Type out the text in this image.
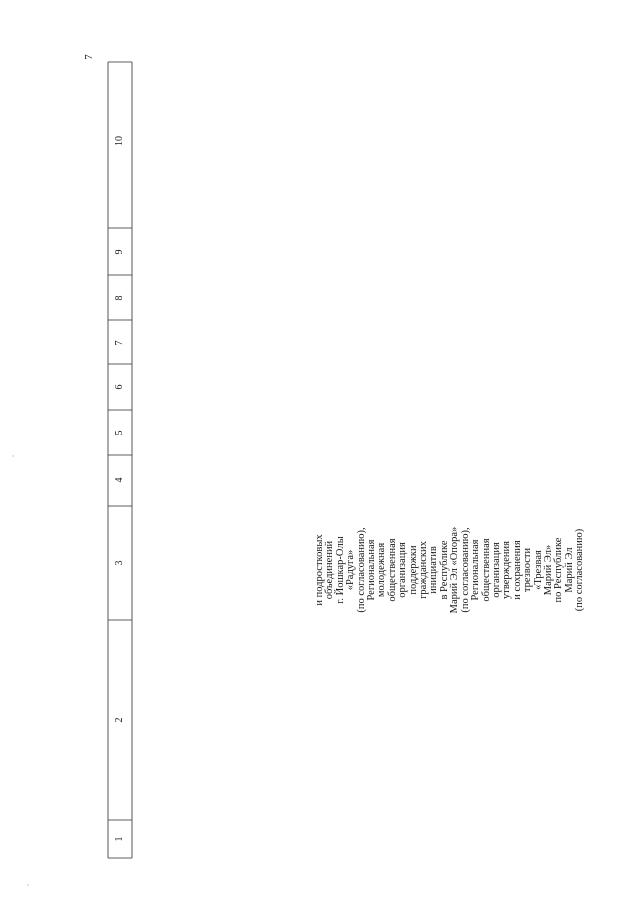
7
1
2
3
4
5
6
7
8
9
10
и подростковых объединений г. Йошкар-Олы «Радуга» (по согласованию), Региональная молодежная общественная организация поддержки гражданских инициатив в Республике Марий Эл «Опора» (по согласованию), Региональная общественная организация утверждения и сохранения трезвости «Трезвая Марий Эл» по Республике Марий Эл (по согласованию)
